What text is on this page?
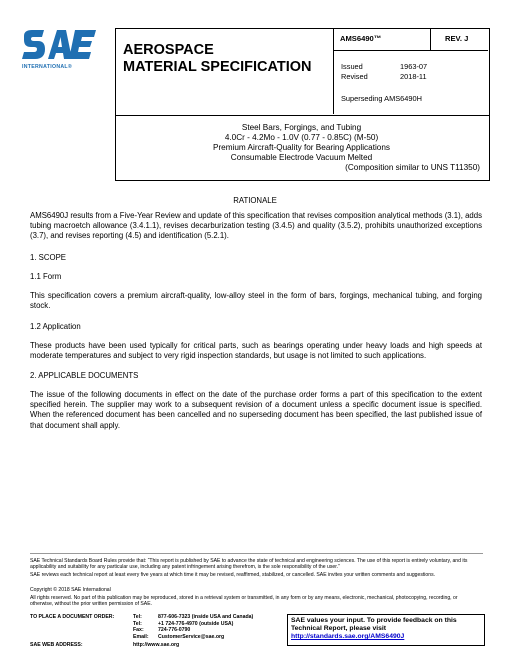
INTERNATIONAL®
AEROSPACE
MATERIAL SPECIFICATION
AMS6490™	REV. J
Issued	1963-07
Revised	2018-11
Superseding AMS6490H
Steel Bars, Forgings, and Tubing
4.0Cr - 4.2Mo - 1.0V (0.77 - 0.85C) (M-50)
Premium Aircraft-Quality for Bearing Applications
Consumable Electrode Vacuum Melted
(Composition similar to UNS T11350)
RATIONALE
AMS6490J results from a Five-Year Review and update of this specification that revises composition analytical methods (3.1), adds tubing macroetch allowance (3.4.1.1), revises decarburization testing (3.4.5) and quality (3.5.2), prohibits unauthorized exceptions (3.7), and revises reporting (4.5) and identification (5.2.1).
1. SCOPE
1.1 Form
This specification covers a premium aircraft-quality, low-alloy steel in the form of bars, forgings, mechanical tubing, and forging stock.
1.2 Application
These products have been used typically for critical parts, such as bearings operating under heavy loads and high speeds at moderate temperatures and subject to very rigid inspection standards, but usage is not limited to such applications.
2. APPLICABLE DOCUMENTS
The issue of the following documents in effect on the date of the purchase order forms a part of this specification to the extent specified herein. The supplier may work to a subsequent revision of a document unless a specific document issue is specified. When the referenced document has been cancelled and no superseding document has been specified, the last published issue of that document shall apply.
SAE Technical Standards Board Rules provide that: “This report is published by SAE to advance the state of technical and engineering sciences. The use of this report is entirely voluntary, and its applicability and suitability for any particular use, including any patent infringement arising therefrom, is the sole responsibility of the user.”
SAE reviews each technical report at least every five years at which time it may be revised, reaffirmed, stabilized, or cancelled. SAE invites your written comments and suggestions.
Copyright © 2018 SAE International
All rights reserved. No part of this publication may be reproduced, stored in a retrieval system or transmitted, in any form or by any means, electronic, mechanical, photocopying, recording, or otherwise, without the prior written permission of SAE.
TO PLACE A DOCUMENT ORDER:	Tel:	877-606-7323 (inside USA and Canada)
Tel:	+1 724-776-4970 (outside USA)
Fax:	724-776-0790
Email: CustomerService@sae.org
SAE WEB ADDRESS:	http://www.sae.org
SAE values your input. To provide feedback on this
Technical Report, please visit
http://standards.sae.org/AMS6490J
